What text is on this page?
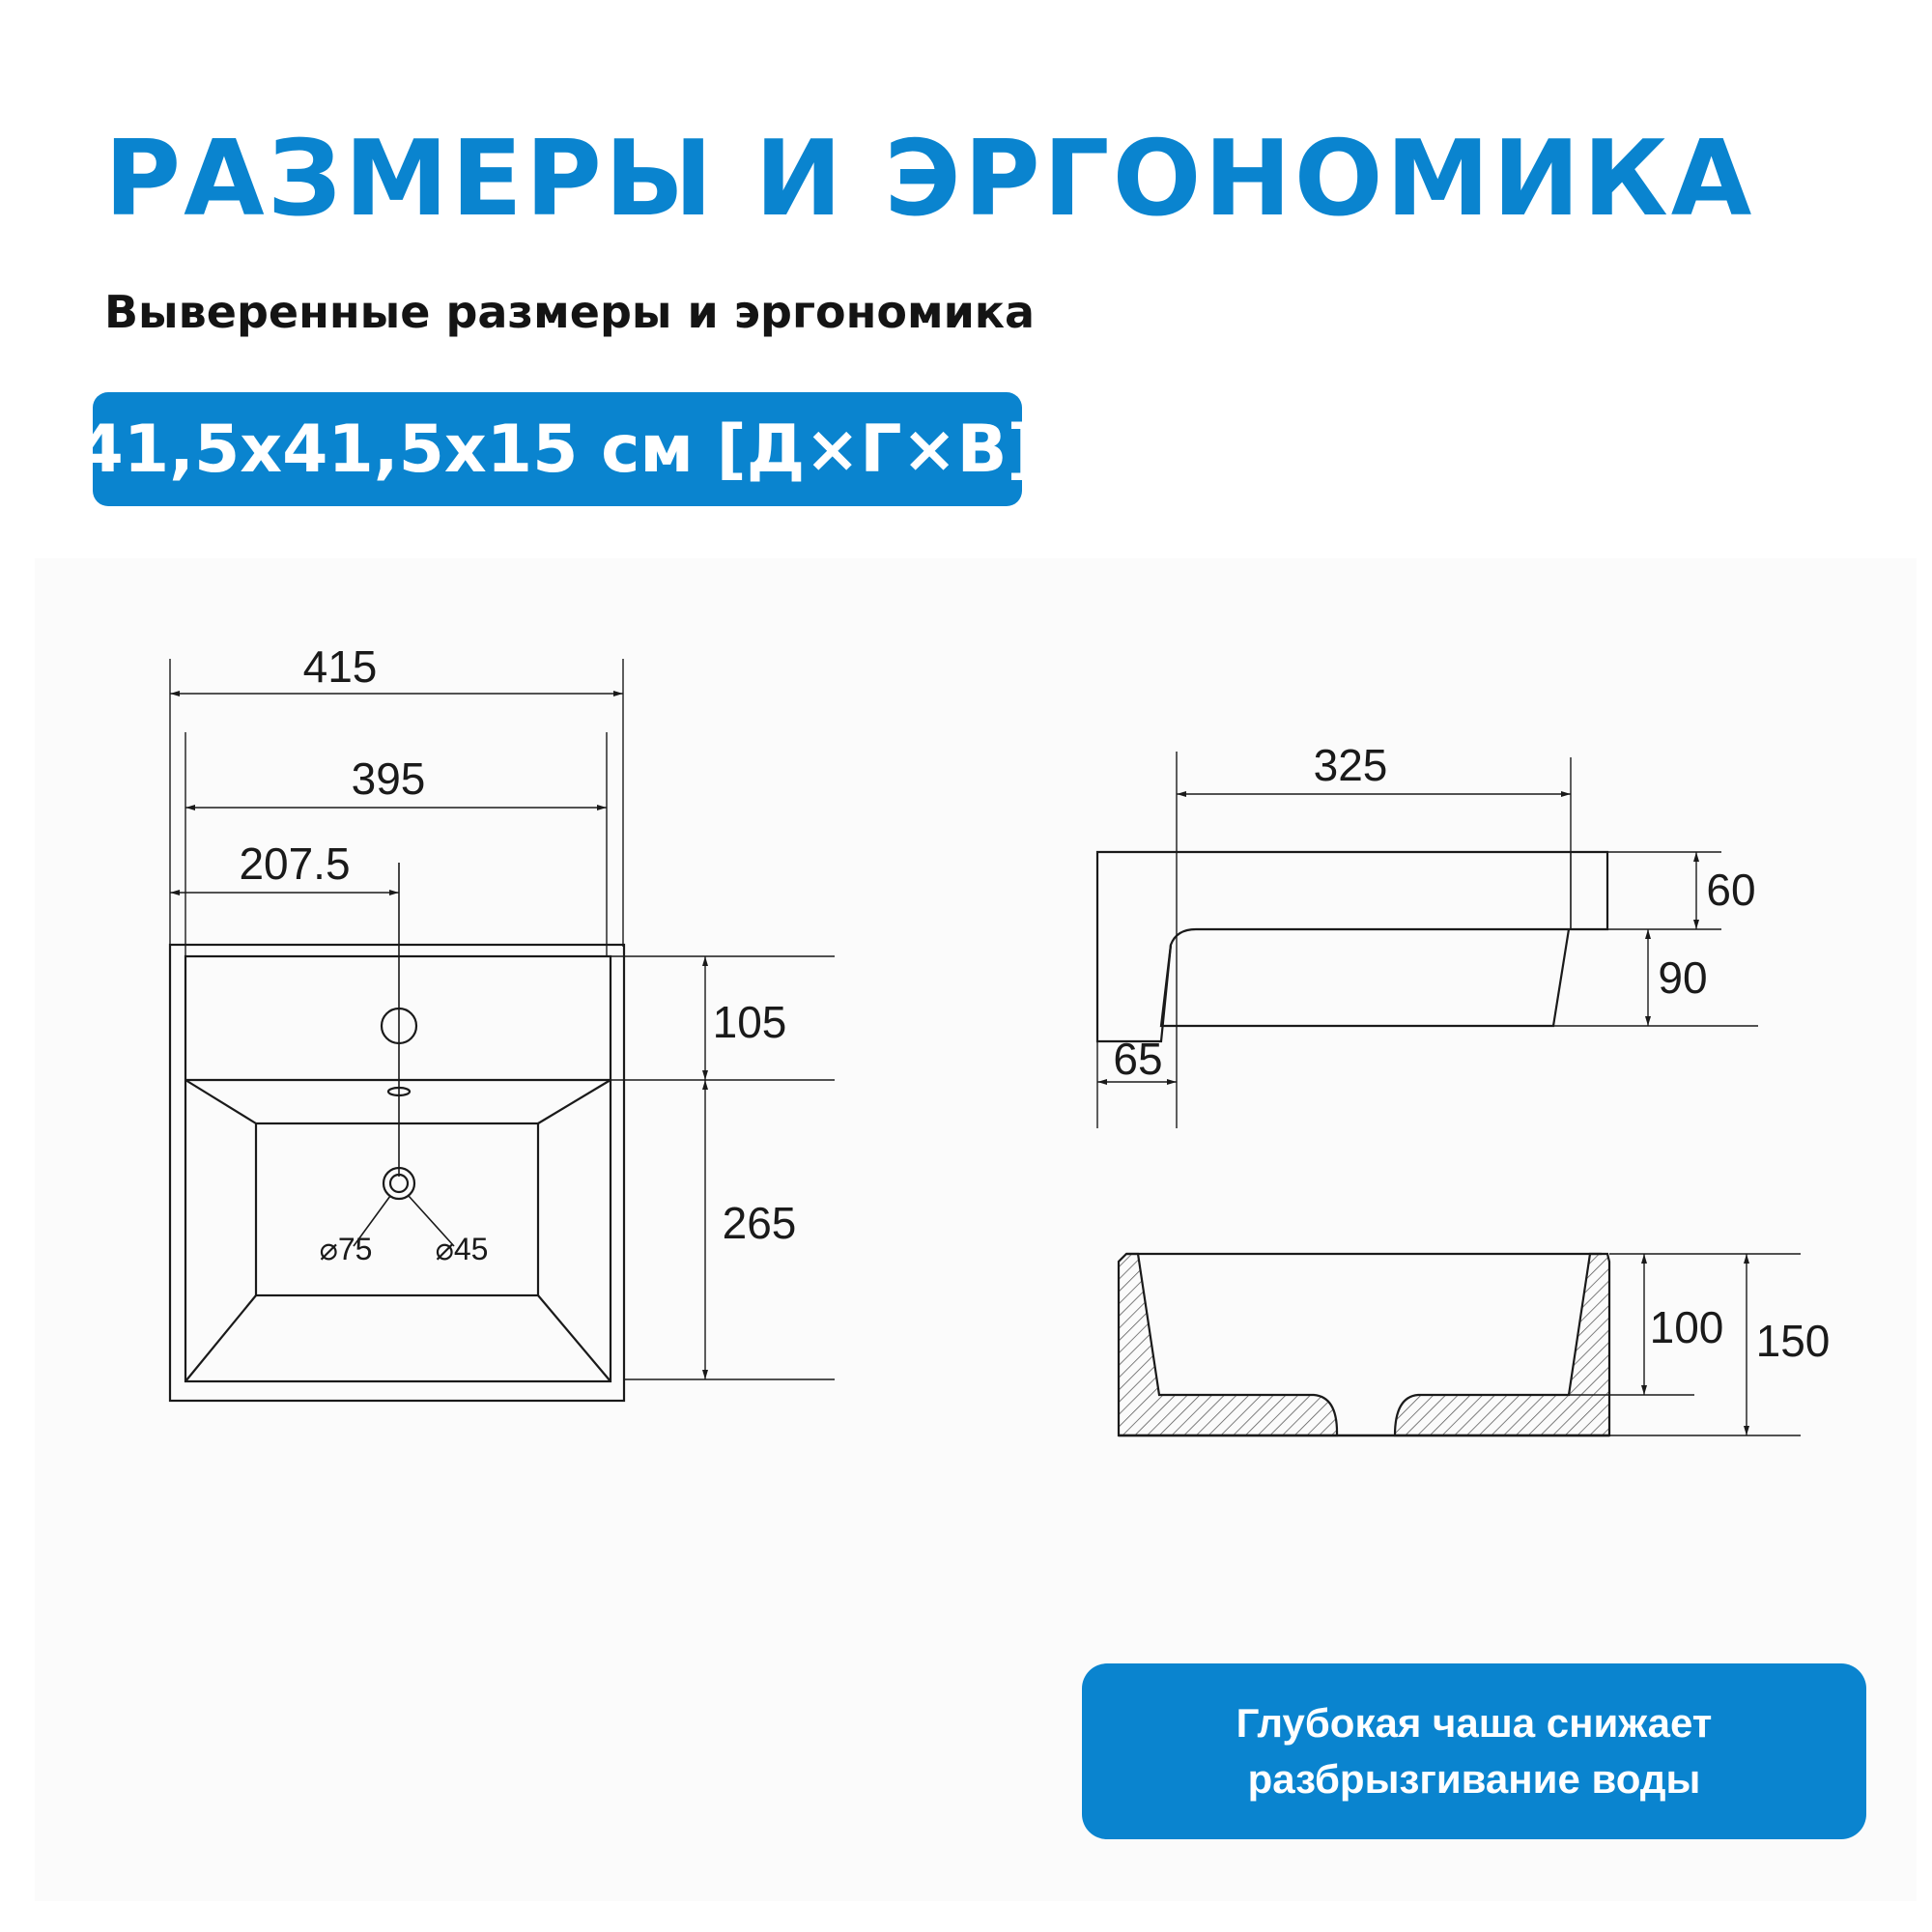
РАЗМЕРЫ И ЭРГОНОМИКА

Выверенные размеры и эргономика

41,5x41,5x15 см [Д×Г×В]
415
395
207.5
105
265
⌀75 ⌀45
325
60
90
65
100 150
Глубокая чаша снижает
разбрызгивание воды
